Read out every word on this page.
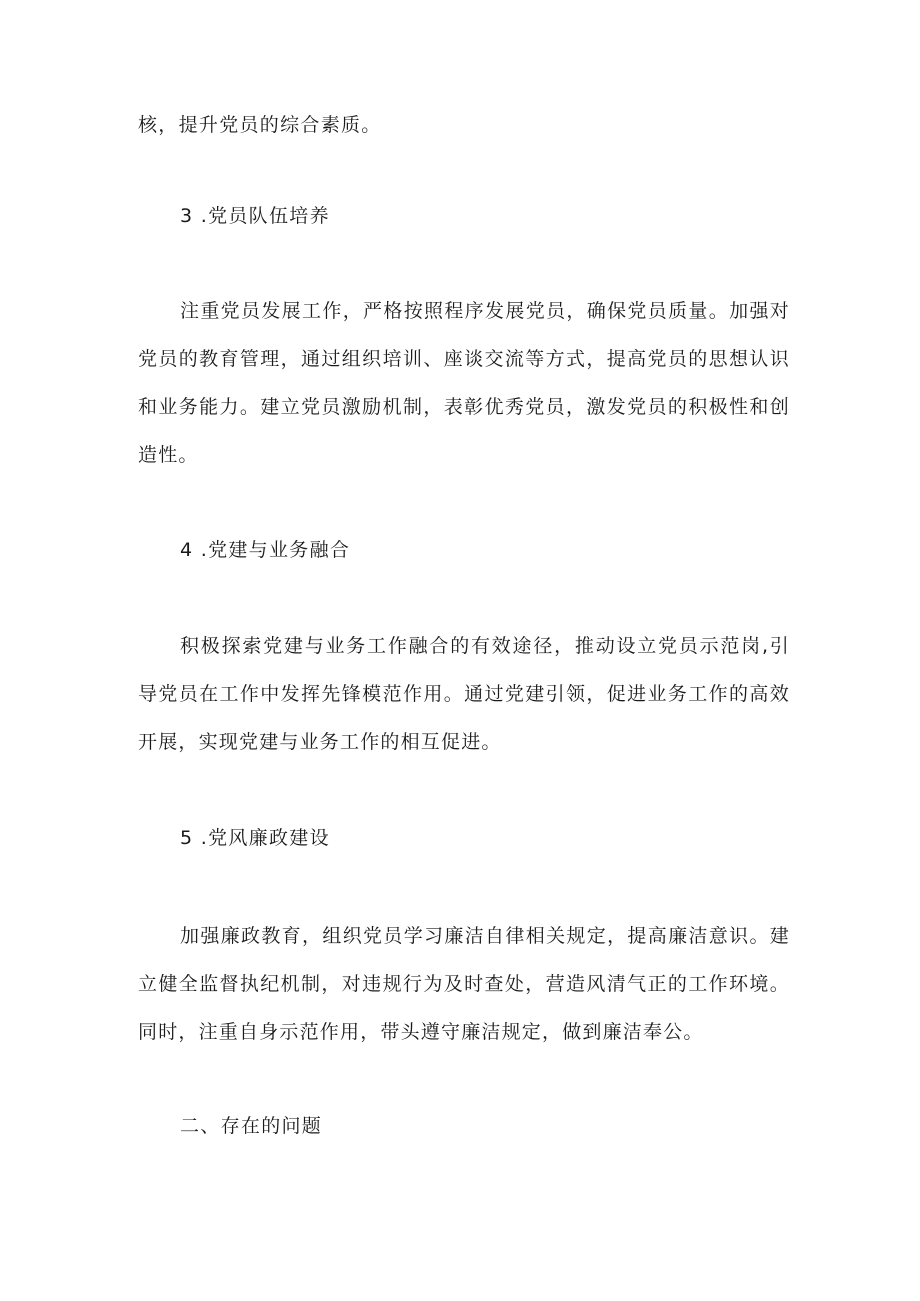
核，提升党员的综合素质。
3 .党员队伍培养
注重党员发展工作，严格按照程序发展党员，确保党员质量。加强对党员的教育管理，通过组织培训、座谈交流等方式，提高党员的思想认识和业务能力。建立党员激励机制，表彰优秀党员，激发党员的积极性和创造性。
4 .党建与业务融合
积极探索党建与业务工作融合的有效途径，推动设立党员示范岗,引导党员在工作中发挥先锋模范作用。通过党建引领，促进业务工作的高效开展，实现党建与业务工作的相互促进。
5 .党风廉政建设
加强廉政教育，组织党员学习廉洁自律相关规定，提高廉洁意识。建立健全监督执纪机制，对违规行为及时查处，营造风清气正的工作环境。同时，注重自身示范作用，带头遵守廉洁规定，做到廉洁奉公。
二、存在的问题
